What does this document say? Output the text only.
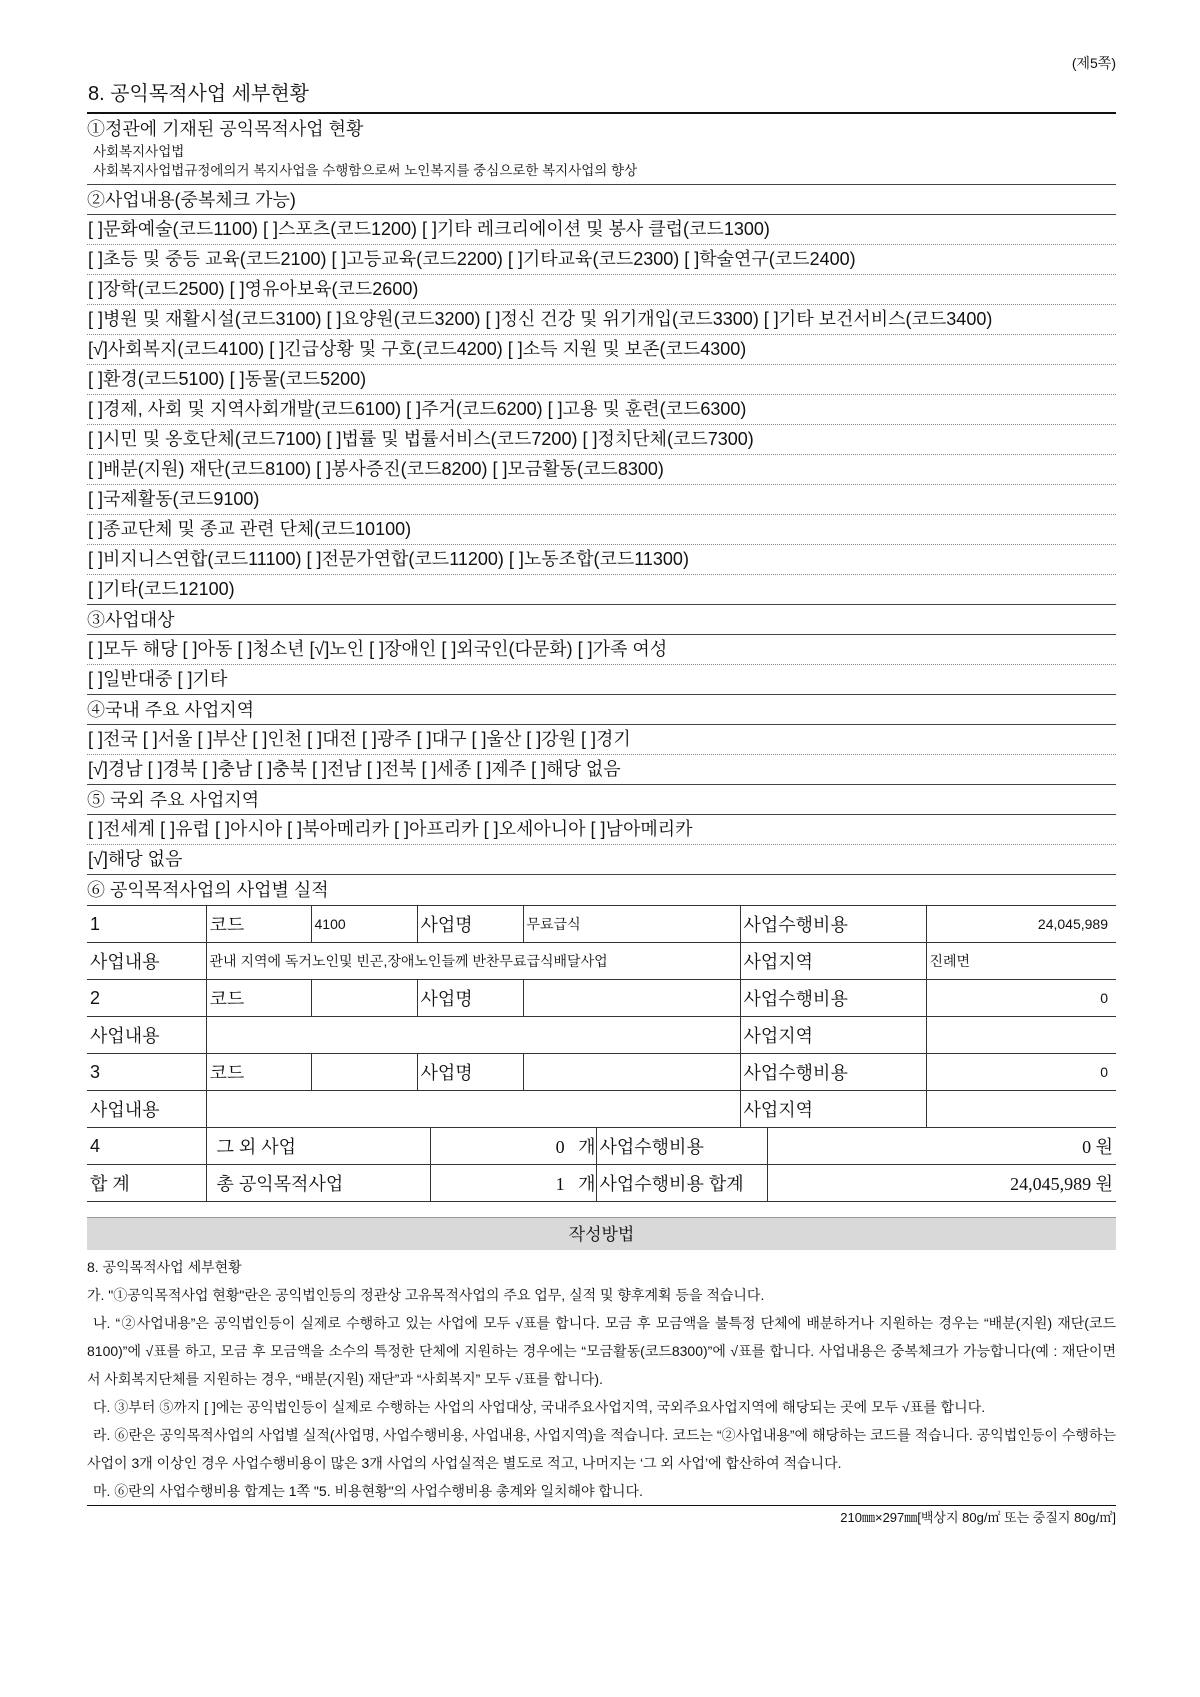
(제5쪽)
8. 공익목적사업 세부현황
①정관에 기재된 공익목적사업 현황
사회복지사업법
사회복지사업법규정에의거 복지사업을 수행함으로써 노인복지를 중심으로한 복지사업의 향상
②사업내용(중복체크 가능)
[ ]문화예술(코드1100) [ ]스포츠(코드1200) [ ]기타 레크리에이션 및 봉사 클럽(코드1300)
[ ]초등 및 중등 교육(코드2100) [ ]고등교육(코드2200) [ ]기타교육(코드2300) [ ]학술연구(코드2400)
[ ]장학(코드2500) [ ]영유아보육(코드2600)
[ ]병원 및 재활시설(코드3100) [ ]요양원(코드3200) [ ]정신 건강 및 위기개입(코드3300) [ ]기타 보건서비스(코드3400)
[√]사회복지(코드4100) [ ]긴급상황 및 구호(코드4200) [ ]소득 지원 및 보존(코드4300)
[ ]환경(코드5100) [ ]동물(코드5200)
[ ]경제, 사회 및 지역사회개발(코드6100) [ ]주거(코드6200) [ ]고용 및 훈련(코드6300)
[ ]시민 및 옹호단체(코드7100) [ ]법률 및 법률서비스(코드7200) [ ]정치단체(코드7300)
[ ]배분(지원) 재단(코드8100) [ ]봉사증진(코드8200) [ ]모금활동(코드8300)
[ ]국제활동(코드9100)
[ ]종교단체 및 종교 관련 단체(코드10100)
[ ]비지니스연합(코드11100) [ ]전문가연합(코드11200) [ ]노동조합(코드11300)
[ ]기타(코드12100)
③사업대상
[ ]모두 해당 [ ]아동 [ ]청소년 [√]노인 [ ]장애인 [ ]외국인(다문화) [ ]가족 여성
[ ]일반대중 [ ]기타
④국내 주요 사업지역
[ ]전국 [ ]서울 [ ]부산 [ ]인천 [ ]대전 [ ]광주 [ ]대구 [ ]울산 [ ]강원 [ ]경기
[√]경남 [ ]경북 [ ]충남 [ ]충북 [ ]전남 [ ]전북 [ ]세종 [ ]제주 [ ]해당 없음
⑤ 국외 주요 사업지역
[ ]전세계 [ ]유럽 [ ]아시아 [ ]북아메리카 [ ]아프리카 [ ]오세아니아 [ ]남아메리카
[√]해당 없음
⑥ 공익목적사업의 사업별 실적
1	코드	4100	사업명	무료급식	사업수행비용	24,045,989
사업내용	관내 지역에 독거노인및 빈곤,장애노인들께 반찬무료급식배달사업				사업지역	진례면
2	코드		사업명		사업수행비용	0
사업내용					사업지역	
3	코드		사업명		사업수행비용	0
사업내용					사업지역	
4	그 외 사업	0 개	사업수행비용	0 원
합 계	총 공익목적사업	1 개	사업수행비용 합계	24,045,989 원
작성방법

8. 공익목적사업 세부현황

가. "①공익목적사업 현황"란은 공익법인등의 정관상 고유목적사업의 주요 업무, 실적 및 향후계획 등을 적습니다.

나. “②사업내용”은 공익법인등이 실제로 수행하고 있는 사업에 모두 √표를 합니다. 모금 후 모금액을 불특정 단체에 배분하거나 지원하는 경우는 “배분(지원) 재단(코드8100)”에 √표를 하고, 모금 후 모금액을 소수의 특정한 단체에 지원하는 경우에는 “모금활동(코드8300)”에 √표를 합니다. 사업내용은 중복체크가 가능합니다(예 : 재단이면서 사회복지단체를 지원하는 경우, “배분(지원) 재단”과 “사회복지” 모두 √표를 합니다).

다. ③부터 ⑤까지 [ ]에는 공익법인등이 실제로 수행하는 사업의 사업대상, 국내주요사업지역, 국외주요사업지역에 해당되는 곳에 모두 √표를 합니다.

라. ⑥란은 공익목적사업의 사업별 실적(사업명, 사업수행비용, 사업내용, 사업지역)을 적습니다. 코드는 “②사업내용”에 해당하는 코드를 적습니다. 공익법인등이 수행하는 사업이 3개 이상인 경우 사업수행비용이 많은 3개 사업의 사업실적은 별도로 적고, 나머지는 ‘그 외 사업’에 합산하여 적습니다.

마. ⑥란의 사업수행비용 합계는 1쪽 "5. 비용현황"의 사업수행비용 총계와 일치해야 합니다.

210㎜×297㎜[백상지 80g/㎡ 또는 중질지 80g/㎡]
